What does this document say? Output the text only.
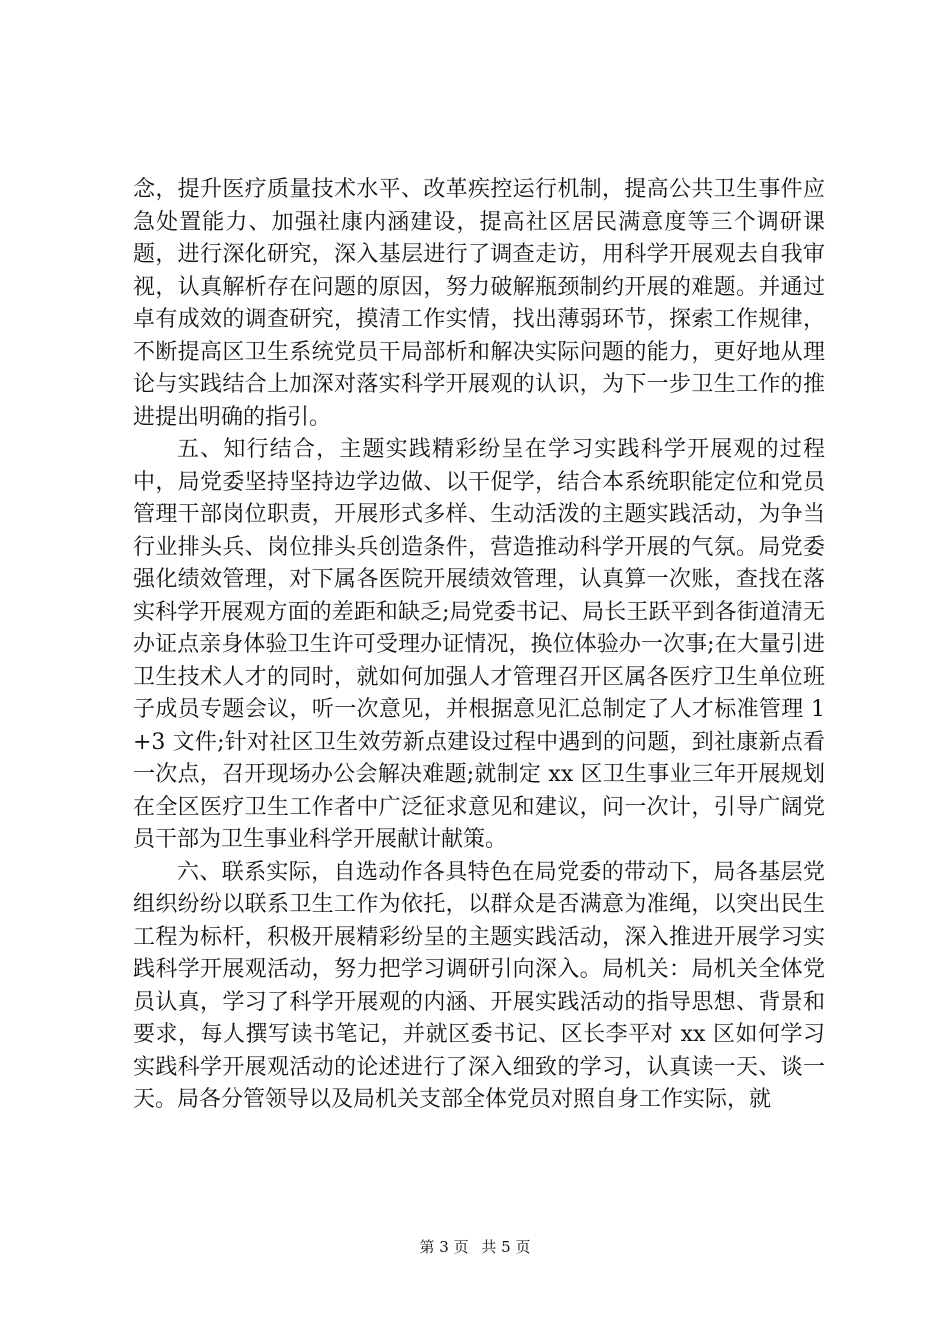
念，提升医疗质量技术水平、改革疾控运行机制，提高公共卫生事件应急处置能力、加强社康内涵建设，提高社区居民满意度等三个调研课题，进行深化研究，深入基层进行了调查走访，用科学开展观去自我审视，认真解析存在问题的原因，努力破解瓶颈制约开展的难题。并通过卓有成效的调查研究，摸清工作实情，找出薄弱环节，探索工作规律，不断提高区卫生系统党员干局部析和解决实际问题的能力，更好地从理论与实践结合上加深对落实科学开展观的认识，为下一步卫生工作的推进提出明确的指引。

五、知行结合，主题实践精彩纷呈在学习实践科学开展观的过程中，局党委坚持坚持边学边做、以干促学，结合本系统职能定位和党员管理干部岗位职责，开展形式多样、生动活泼的主题实践活动，为争当行业排头兵、岗位排头兵创造条件，营造推动科学开展的气氛。局党委强化绩效管理，对下属各医院开展绩效管理，认真算一次账，查找在落实科学开展观方面的差距和缺乏;局党委书记、局长王跃平到各街道清无办证点亲身体验卫生许可受理办证情况，换位体验办一次事;在大量引进卫生技术人才的同时，就如何加强人才管理召开区属各医疗卫生单位班子成员专题会议，听一次意见，并根据意见汇总制定了人才标准管理 1+3 文件;针对社区卫生效劳新点建设过程中遇到的问题，到社康新点看一次点，召开现场办公会解决难题;就制定 xx 区卫生事业三年开展规划在全区医疗卫生工作者中广泛征求意见和建议，问一次计，引导广阔党员干部为卫生事业科学开展献计献策。

六、联系实际，自选动作各具特色在局党委的带动下，局各基层党组织纷纷以联系卫生工作为依托，以群众是否满意为准绳，以突出民生工程为标杆，积极开展精彩纷呈的主题实践活动，深入推进开展学习实践科学开展观活动，努力把学习调研引向深入。局机关：局机关全体党员认真，学习了科学开展观的内涵、开展实践活动的指导思想、背景和要求，每人撰写读书笔记，并就区委书记、区长李平对 xx 区如何学习实践科学开展观活动的论述进行了深入细致的学习，认真读一天、谈一天。局各分管领导以及局机关支部全体党员对照自身工作实际，就

第 3 页 共 5 页
